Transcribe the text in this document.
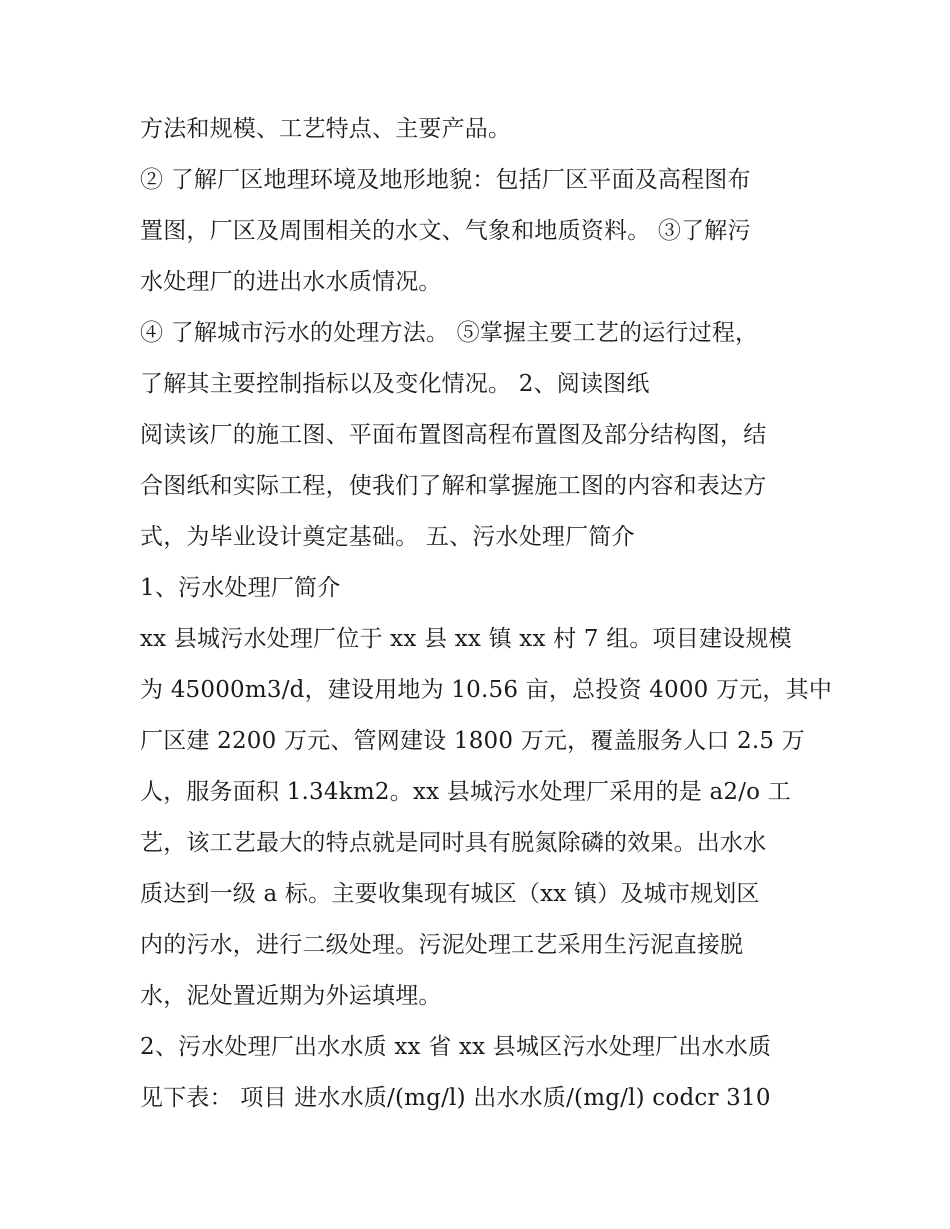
方法和规模、工艺特点、主要产品。
② 了解厂区地理环境及地形地貌：包括厂区平面及高程图布
置图，厂区及周围相关的水文、气象和地质资料。 ③了解污
水处理厂的进出水水质情况。
④ 了解城市污水的处理方法。 ⑤掌握主要工艺的运行过程，
了解其主要控制指标以及变化情况。 2、阅读图纸
阅读该厂的施工图、平面布置图高程布置图及部分结构图，结
合图纸和实际工程，使我们了解和掌握施工图的内容和表达方
式，为毕业设计奠定基础。 五、污水处理厂简介
1、污水处理厂简介
xx 县城污水处理厂位于 xx 县 xx 镇 xx 村 7 组。项目建设规模
为 45000m3/d，建设用地为 10.56 亩，总投资 4000 万元，其中
厂区建 2200 万元、管网建设 1800 万元，覆盖服务人口 2.5 万
人，服务面积 1.34km2。xx 县城污水处理厂采用的是 a2/o 工
艺，该工艺最大的特点就是同时具有脱氮除磷的效果。出水水
质达到一级 a 标。主要收集现有城区（xx 镇）及城市规划区
内的污水，进行二级处理。污泥处理工艺采用生污泥直接脱
水，泥处置近期为外运填埋。
2、污水处理厂出水水质 xx 省 xx 县城区污水处理厂出水水质
见下表： 项目 进水水质/(mg/l) 出水水质/(mg/l) codcr 310
